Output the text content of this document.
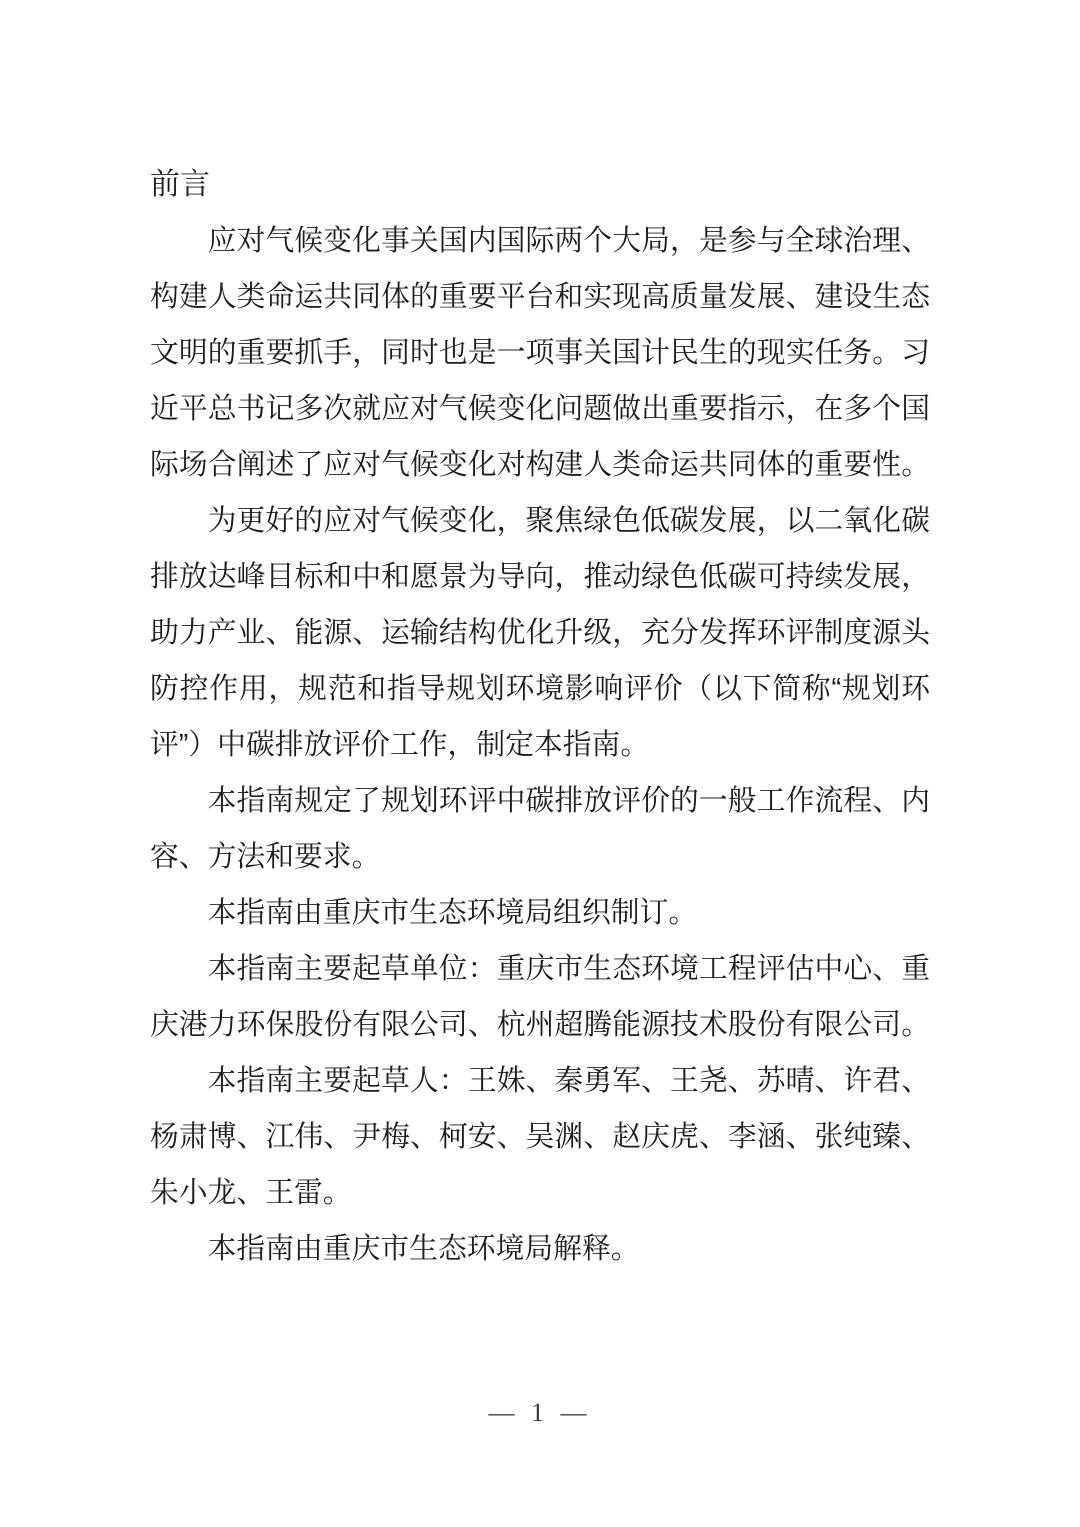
前言
应对气候变化事关国内国际两个大局，是参与全球治理、
构建人类命运共同体的重要平台和实现高质量发展、建设生态
文明的重要抓手，同时也是一项事关国计民生的现实任务。习
近平总书记多次就应对气候变化问题做出重要指示，在多个国
际场合阐述了应对气候变化对构建人类命运共同体的重要性。
为更好的应对气候变化，聚焦绿色低碳发展，以二氧化碳
排放达峰目标和中和愿景为导向，推动绿色低碳可持续发展，
助力产业、能源、运输结构优化升级，充分发挥环评制度源头
防控作用，规范和指导规划环境影响评价（以下简称“规划环
评”）中碳排放评价工作，制定本指南。
本指南规定了规划环评中碳排放评价的一般工作流程、内
容、方法和要求。
本指南由重庆市生态环境局组织制订。
本指南主要起草单位：重庆市生态环境工程评估中心、重
庆港力环保股份有限公司、杭州超腾能源技术股份有限公司。
本指南主要起草人：王姝、秦勇军、王尧、苏晴、许君、
杨肃博、江伟、尹梅、柯安、吴渊、赵庆虎、李涵、张纯臻、
朱小龙、王雷。
本指南由重庆市生态环境局解释。
— 1 —
